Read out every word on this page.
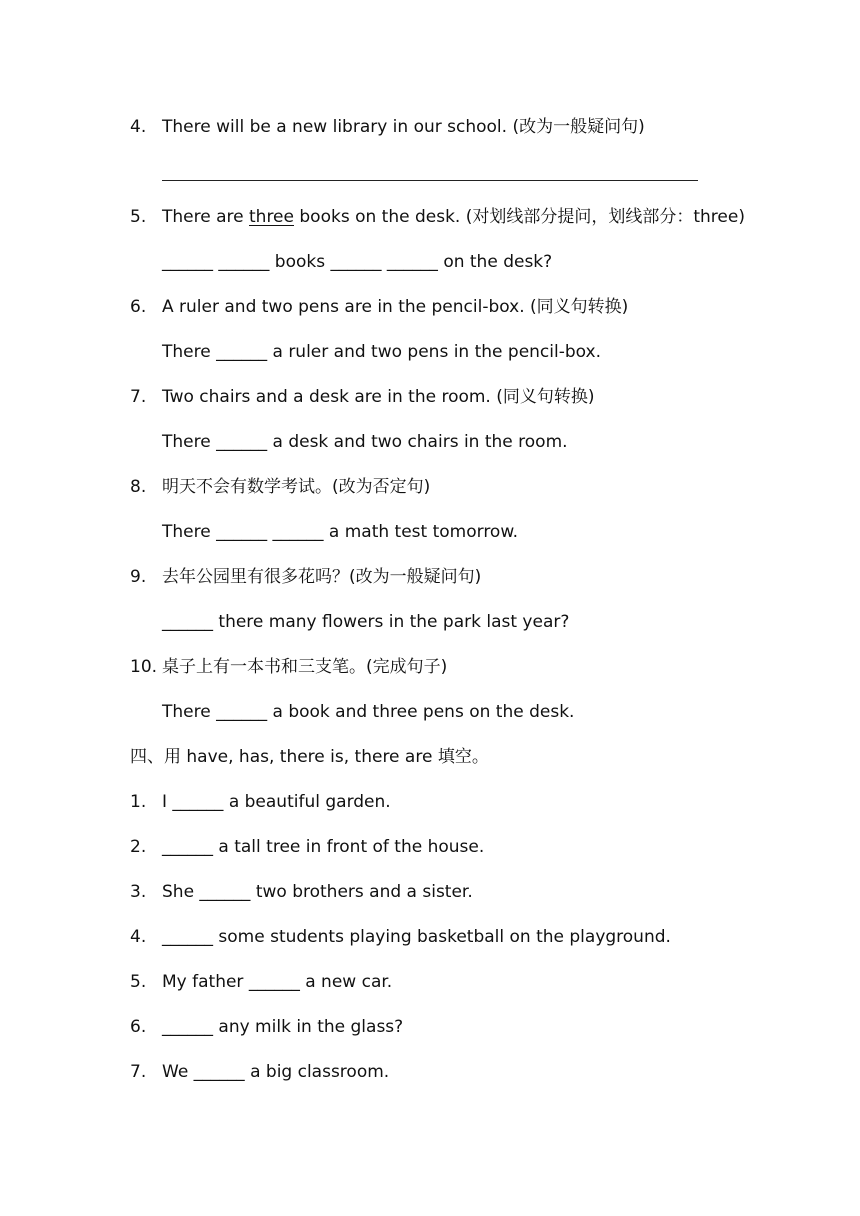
4. There will be a new library in our school. (改为一般疑问句)
5. There are three books on the desk. (对划线部分提问，划线部分：three)
______ ______ books ______ ______ on the desk?
6. A ruler and two pens are in the pencil-box. (同义句转换)
There ______ a ruler and two pens in the pencil-box.
7. Two chairs and a desk are in the room. (同义句转换)
There ______ a desk and two chairs in the room.
8. 明天不会有数学考试。(改为否定句)
There ______ ______ a math test tomorrow.
9. 去年公园里有很多花吗？(改为一般疑问句)
______ there many flowers in the park last year?
10. 桌子上有一本书和三支笔。(完成句子)
There ______ a book and three pens on the desk.
四、用 have, has, there is, there are 填空。
1. I ______ a beautiful garden.
2. ______ a tall tree in front of the house.
3. She ______ two brothers and a sister.
4. ______ some students playing basketball on the playground.
5. My father ______ a new car.
6. ______ any milk in the glass?
7. We ______ a big classroom.
